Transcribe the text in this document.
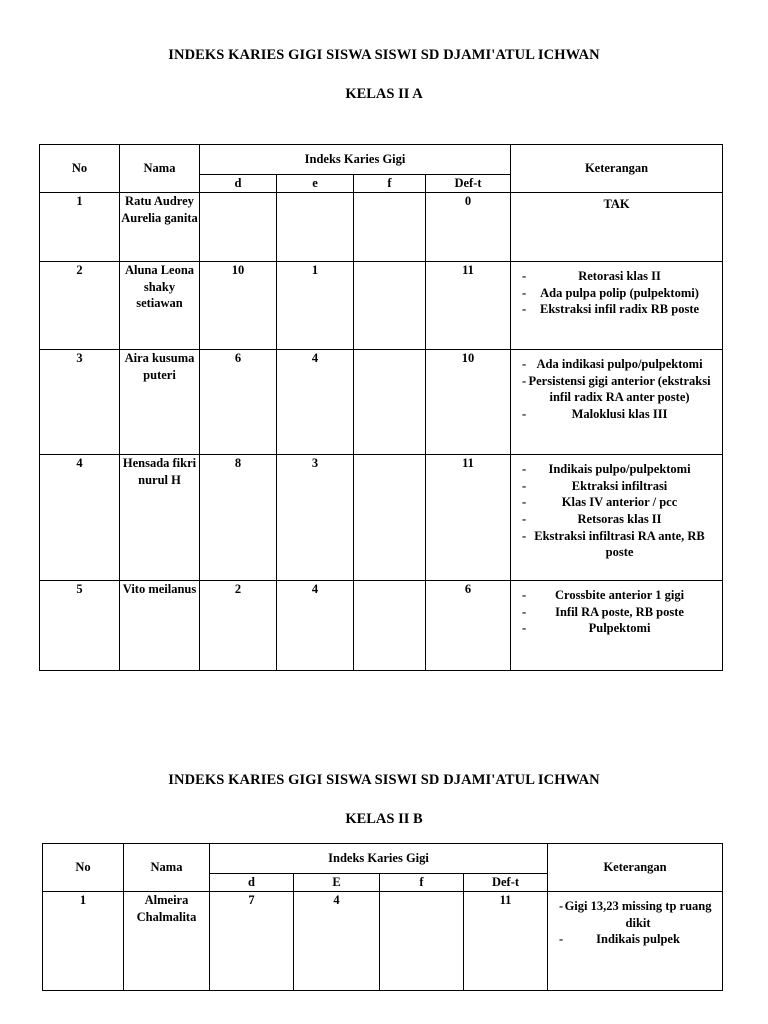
INDEKS KARIES GIGI SISWA SISWI SD DJAMI'ATUL ICHWAN
KELAS II A
No	Nama	Indeks Karies Gigi				Keterangan
		d	e	f	Def-t	
1	Ratu Audrey Aurelia ganita				0	TAK

2	Aluna Leona shaky setiawan	10	1		11	-	Retorasi klas II
-	Ada pulpa polip (pulpektomi)
-	Ekstraksi infil radix RB poste

3	Aira kusuma puteri	6	4		10	- Ada indikasi pulpo/pulpektomi
- Persistensi gigi anterior (ekstraksi infil radix RA anter poste)
-	Maloklusi klas III

4	Hensada fikri nurul H	8	3		11	-	Indikais pulpo/pulpektomi
-	Ektraksi infiltrasi
-	Klas IV anterior / pcc
-	Retsoras klas II
- Ekstraksi infiltrasi RA ante, RB poste

5	Vito meilanus	2	4		6	-	Crossbite anterior 1 gigi
-	Infil RA poste, RB poste
-	Pulpektomi
INDEKS KARIES GIGI SISWA SISWI SD DJAMI'ATUL ICHWAN
KELAS II B
No	Nama	Indeks Karies Gigi				Keterangan
		d	E	f	Def-t	
1	Almeira Chalmalita	7	4		11	- Gigi 13,23 missing tp ruang dikit
-	Indikais pulpek
